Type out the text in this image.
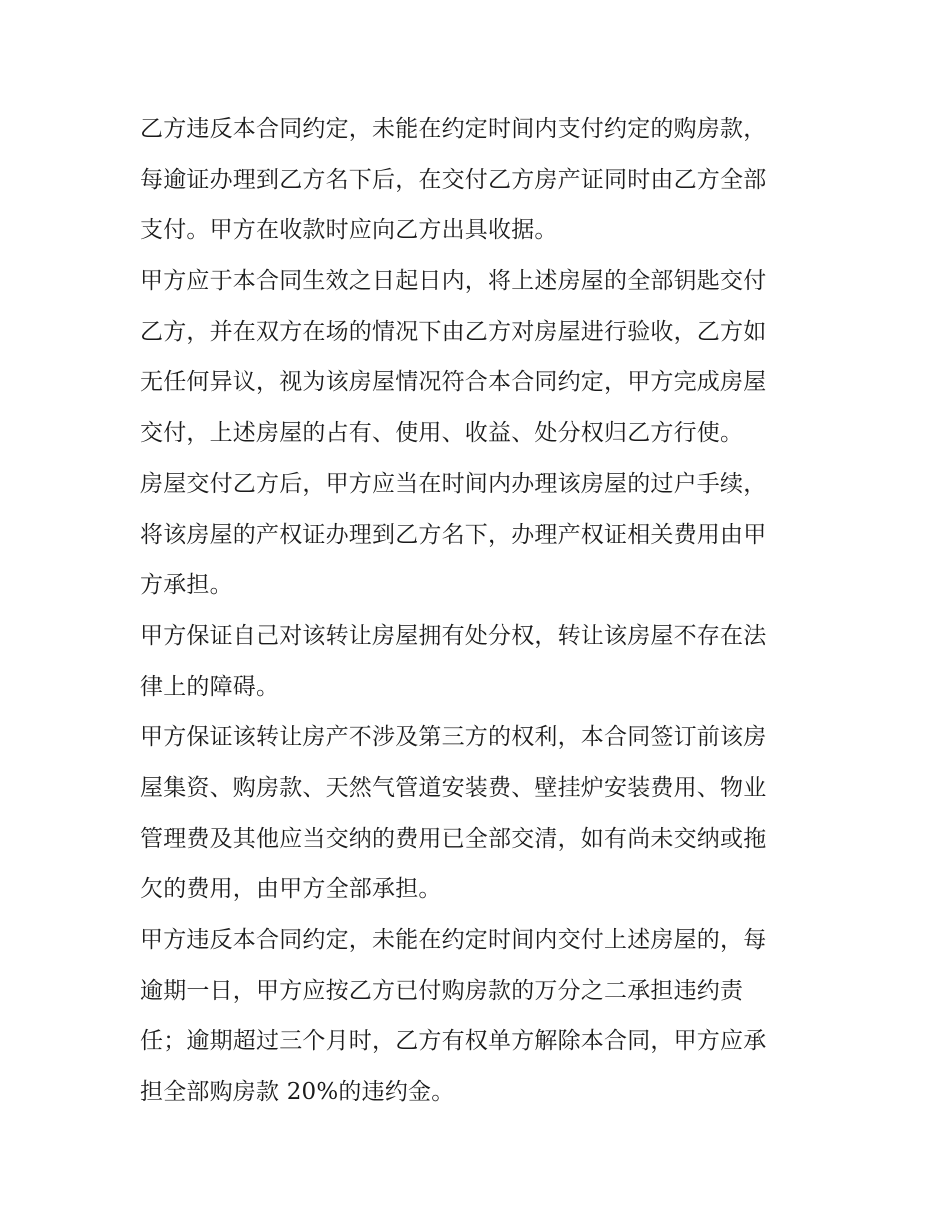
乙方违反本合同约定，未能在约定时间内支付约定的购房款，
每逾证办理到乙方名下后，在交付乙方房产证同时由乙方全部
支付。甲方在收款时应向乙方出具收据。

甲方应于本合同生效之日起日内，将上述房屋的全部钥匙交付
乙方，并在双方在场的情况下由乙方对房屋进行验收，乙方如
无任何异议，视为该房屋情况符合本合同约定，甲方完成房屋
交付，上述房屋的占有、使用、收益、处分权归乙方行使。

房屋交付乙方后，甲方应当在时间内办理该房屋的过户手续，
将该房屋的产权证办理到乙方名下，办理产权证相关费用由甲
方承担。

甲方保证自己对该转让房屋拥有处分权，转让该房屋不存在法
律上的障碍。

甲方保证该转让房产不涉及第三方的权利，本合同签订前该房
屋集资、购房款、天然气管道安装费、壁挂炉安装费用、物业
管理费及其他应当交纳的费用已全部交清，如有尚未交纳或拖
欠的费用，由甲方全部承担。

甲方违反本合同约定，未能在约定时间内交付上述房屋的，每
逾期一日，甲方应按乙方已付购房款的万分之二承担违约责
任；逾期超过三个月时，乙方有权单方解除本合同，甲方应承
担全部购房款 20%的违约金。
